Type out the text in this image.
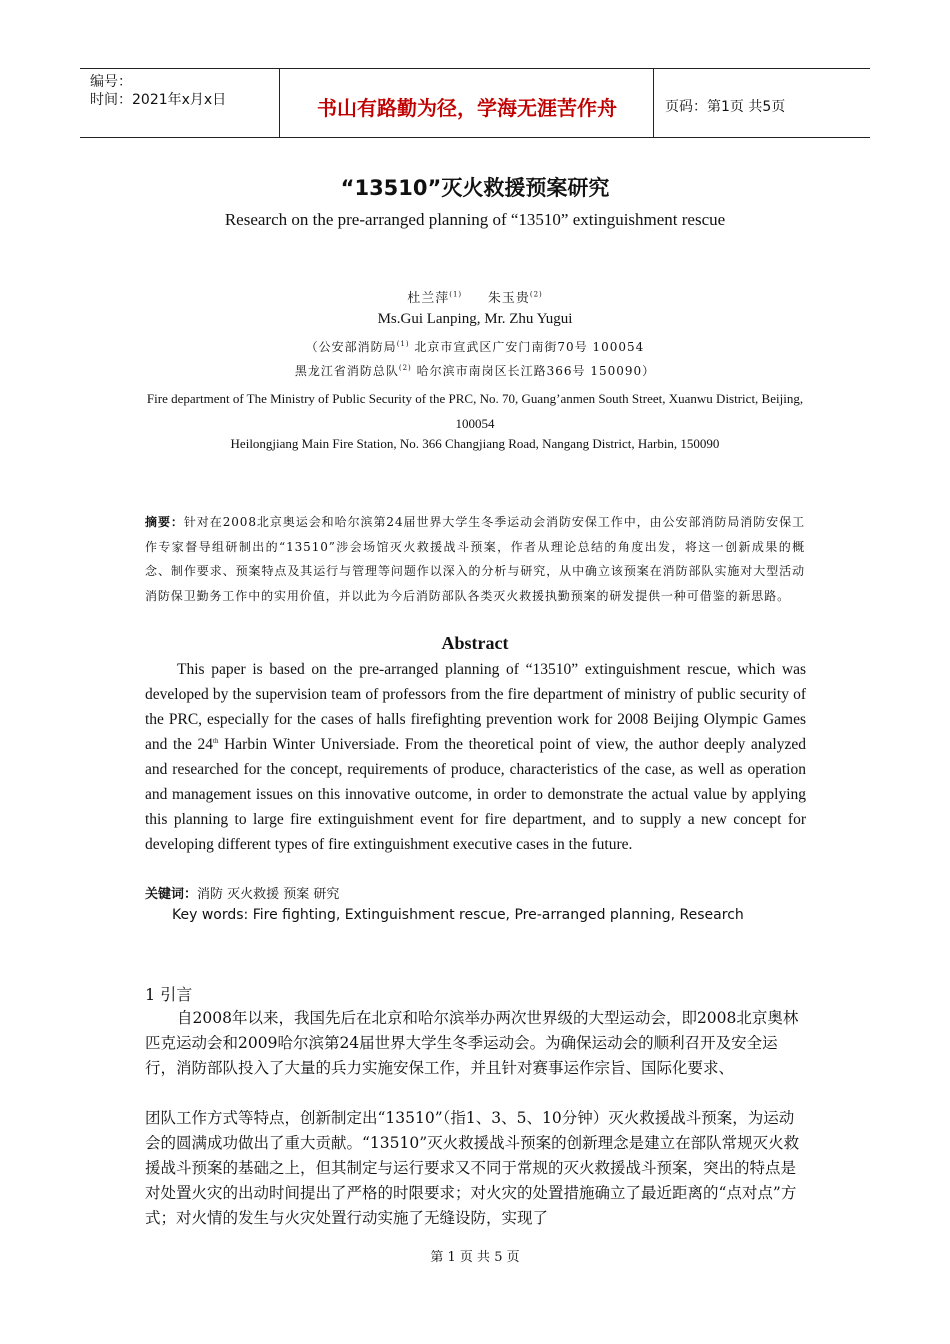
编号：
时间：2021年x月x日	书山有路勤为径，学海无涯苦作舟	页码：第1页 共5页
“13510”灭火救援预案研究
Research on the pre-arranged planning of “13510” extinguishment rescue
杜兰萍$^{(1)}$ 朱玉贵$^{(2)}$
Ms.Gui Lanping, Mr. Zhu Yugui
（公安部消防局$^{(1)}$ 北京市宣武区广安门南街70号 100054
黑龙江省消防总队$^{(2)}$ 哈尔滨市南岗区长江路366号 150090）
Fire department of The Ministry of Public Security of the PRC, No. 70, Guang’anmen South Street, Xuanwu District, Beijing, 100054
Heilongjiang Main Fire Station, No. 366 Changjiang Road, Nangang District, Harbin, 150090
摘要：针对在2008北京奥运会和哈尔滨第24届世界大学生冬季运动会消防安保工作中，由公安部消防局消防安保工作专家督导组研制出的“13510”涉会场馆灭火救援战斗预案，作者从理论总结的角度出发，将这一创新成果的概念、制作要求、预案特点及其运行与管理等问题作以深入的分析与研究，从中确立该预案在消防部队实施对大型活动消防保卫勤务工作中的实用价值，并以此为今后消防部队各类灭火救援执勤预案的研发提供一种可借鉴的新思路。
Abstract
This paper is based on the pre-arranged planning of “13510” extinguishment rescue, which was developed by the supervision team of professors from the fire department of ministry of public security of the PRC, especially for the cases of halls firefighting prevention work for 2008 Beijing Olympic Games and the 24th Harbin Winter Universiade. From the theoretical point of view, the author deeply analyzed and researched for the concept, requirements of produce, characteristics of the case, as well as operation and management issues on this innovative outcome, in order to demonstrate the actual value by applying this planning to large fire extinguishment event for fire department, and to supply a new concept for developing different types of fire extinguishment executive cases in the future.
关键词：消防 灭火救援 预案 研究
Key words: Fire fighting, Extinguishment rescue, Pre-arranged planning, Research
1 引言
自2008年以来，我国先后在北京和哈尔滨举办两次世界级的大型运动会，即2008北京奥林匹克运动会和2009哈尔滨第24届世界大学生冬季运动会。为确保运动会的顺利召开及安全运行，消防部队投入了大量的兵力实施安保工作，并且针对赛事运作宗旨、国际化要求、
团队工作方式等特点，创新制定出“13510”（指1、3、5、10分钟）灭火救援战斗预案，为运动会的圆满成功做出了重大贡献。“13510”灭火救援战斗预案的创新理念是建立在部队常规灭火救援战斗预案的基础之上，但其制定与运行要求又不同于常规的灭火救援战斗预案，突出的特点是对处置火灾的出动时间提出了严格的时限要求；对火灾的处置措施确立了最近距离的“点对点”方式；对火情的发生与火灾处置行动实施了无缝设防，实现了
第 1 页 共 5 页
